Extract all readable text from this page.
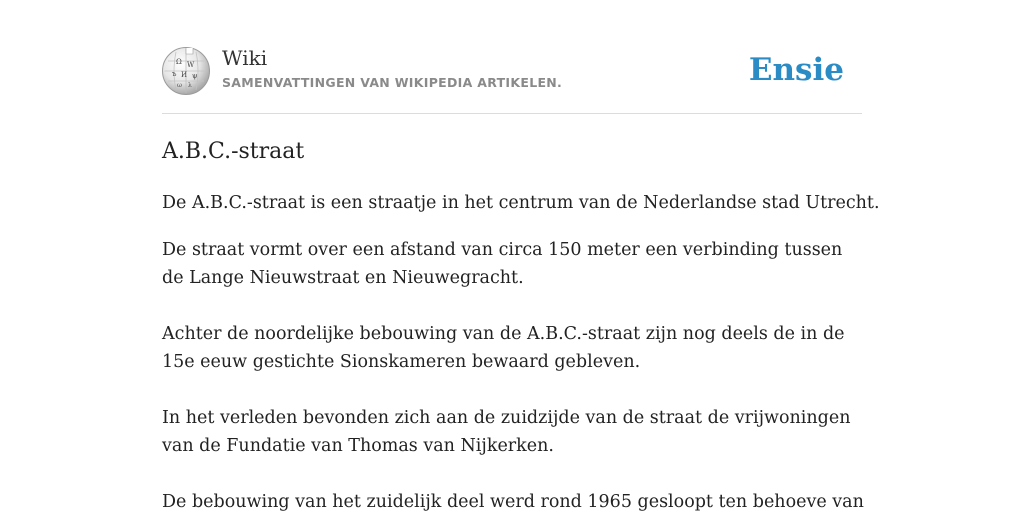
Ω W
ъ И ψ
ω λ
Wiki
SAMENVATTINGEN VAN WIKIPEDIA ARTIKELEN.	Ensie
A.B.C.-straat

De A.B.C.-straat is een straatje in het centrum van de Nederlandse stad Utrecht.

De straat vormt over een afstand van circa 150 meter een verbinding tussen de Lange Nieuwstraat en Nieuwegracht.

Achter de noordelijke bebouwing van de A.B.C.-straat zijn nog deels de in de 15e eeuw gestichte Sionskameren bewaard gebleven.

In het verleden bevonden zich aan de zuidzijde van de straat de vrijwoningen van de Fundatie van Thomas van Nijkerken.

De bebouwing van het zuidelijk deel werd rond 1965 gesloopt ten behoeve van
